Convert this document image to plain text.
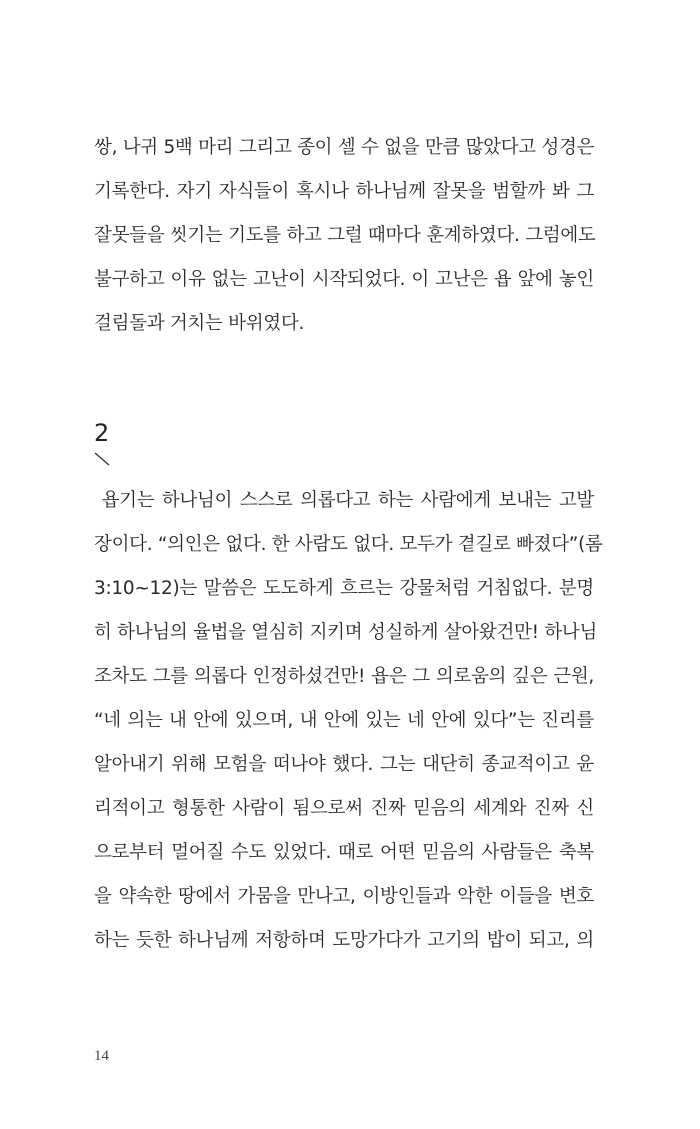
쌍, 나귀 5백 마리 그리고 종이 셀 수 없을 만큼 많았다고 성경은
기록한다. 자기 자식들이 혹시나 하나님께 잘못을 범할까 봐 그
잘못들을 씻기는 기도를 하고 그럴 때마다 훈계하였다. 그럼에도
불구하고 이유 없는 고난이 시작되었다. 이 고난은 욥 앞에 놓인
걸림돌과 거치는 바위였다.
2
욥기는 하나님이 스스로 의롭다고 하는 사람에게 보내는 고발
장이다. “의인은 없다. 한 사람도 없다. 모두가 곁길로 빠졌다”(롬
3:10~12)는 말씀은 도도하게 흐르는 강물처럼 거침없다. 분명
히 하나님의 율법을 열심히 지키며 성실하게 살아왔건만! 하나님
조차도 그를 의롭다 인정하셨건만! 욥은 그 의로움의 깊은 근원,
“네 의는 내 안에 있으며, 내 안에 있는 네 안에 있다”는 진리를
알아내기 위해 모험을 떠나야 했다. 그는 대단히 종교적이고 윤
리적이고 형통한 사람이 됨으로써 진짜 믿음의 세계와 진짜 신
으로부터 멀어질 수도 있었다. 때로 어떤 믿음의 사람들은 축복
을 약속한 땅에서 가뭄을 만나고, 이방인들과 악한 이들을 변호
하는 듯한 하나님께 저항하며 도망가다가 고기의 밥이 되고, 의
14
